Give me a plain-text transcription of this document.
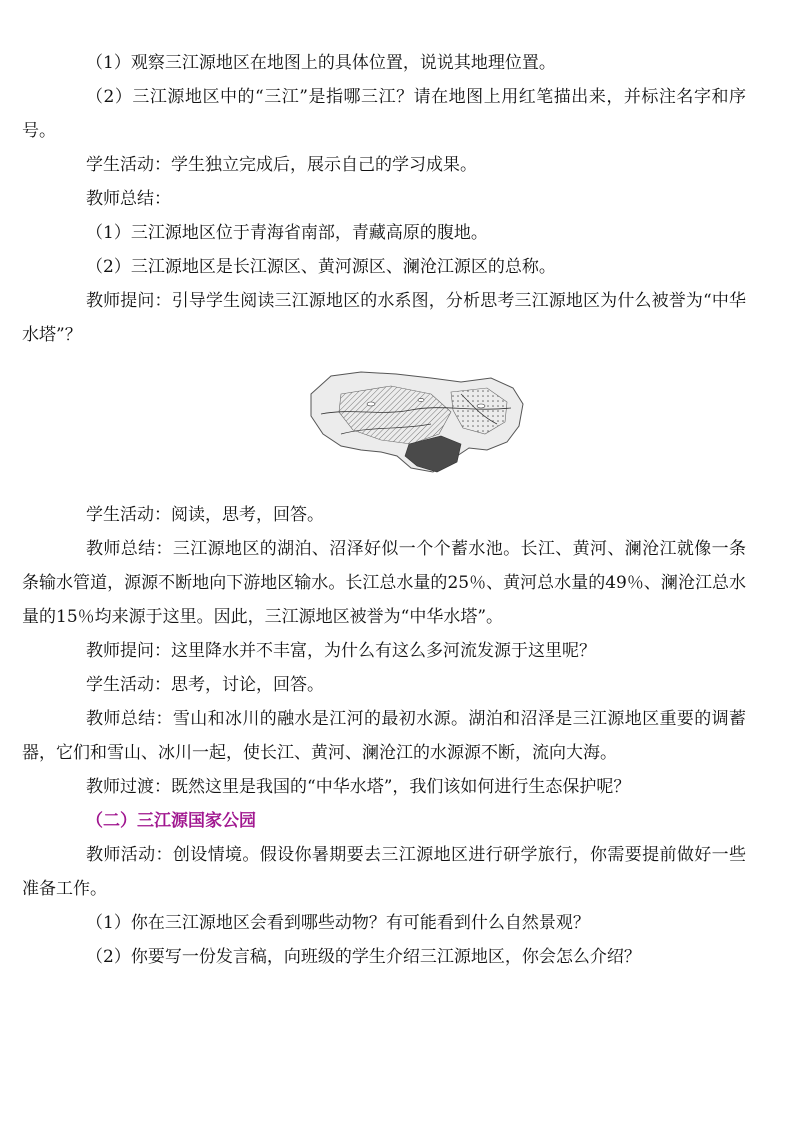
（1）观察三江源地区在地图上的具体位置，说说其地理位置。

（2）三江源地区中的“三江”是指哪三江？请在地图上用红笔描出来，并标注名字和序号。

学生活动：学生独立完成后，展示自己的学习成果。

教师总结：

（1）三江源地区位于青海省南部，青藏高原的腹地。

（2）三江源地区是长江源区、黄河源区、澜沧江源区的总称。

教师提问：引导学生阅读三江源地区的水系图，分析思考三江源地区为什么被誉为“中华水塔”？

学生活动：阅读，思考，回答。

教师总结：三江源地区的湖泊、沼泽好似一个个蓄水池。长江、黄河、澜沧江就像一条条输水管道，源源不断地向下游地区输水。长江总水量的25％、黄河总水量的49％、澜沧江总水量的15％均来源于这里。因此，三江源地区被誉为“中华水塔”。

教师提问：这里降水并不丰富，为什么有这么多河流发源于这里呢？

学生活动：思考，讨论，回答。

教师总结：雪山和冰川的融水是江河的最初水源。湖泊和沼泽是三江源地区重要的调蓄器，它们和雪山、冰川一起，使长江、黄河、澜沧江的水源源不断，流向大海。

教师过渡：既然这里是我国的“中华水塔”，我们该如何进行生态保护呢？

（二）三江源国家公园

教师活动：创设情境。假设你暑期要去三江源地区进行研学旅行，你需要提前做好一些准备工作。

（1）你在三江源地区会看到哪些动物？有可能看到什么自然景观？

（2）你要写一份发言稿，向班级的学生介绍三江源地区，你会怎么介绍？
